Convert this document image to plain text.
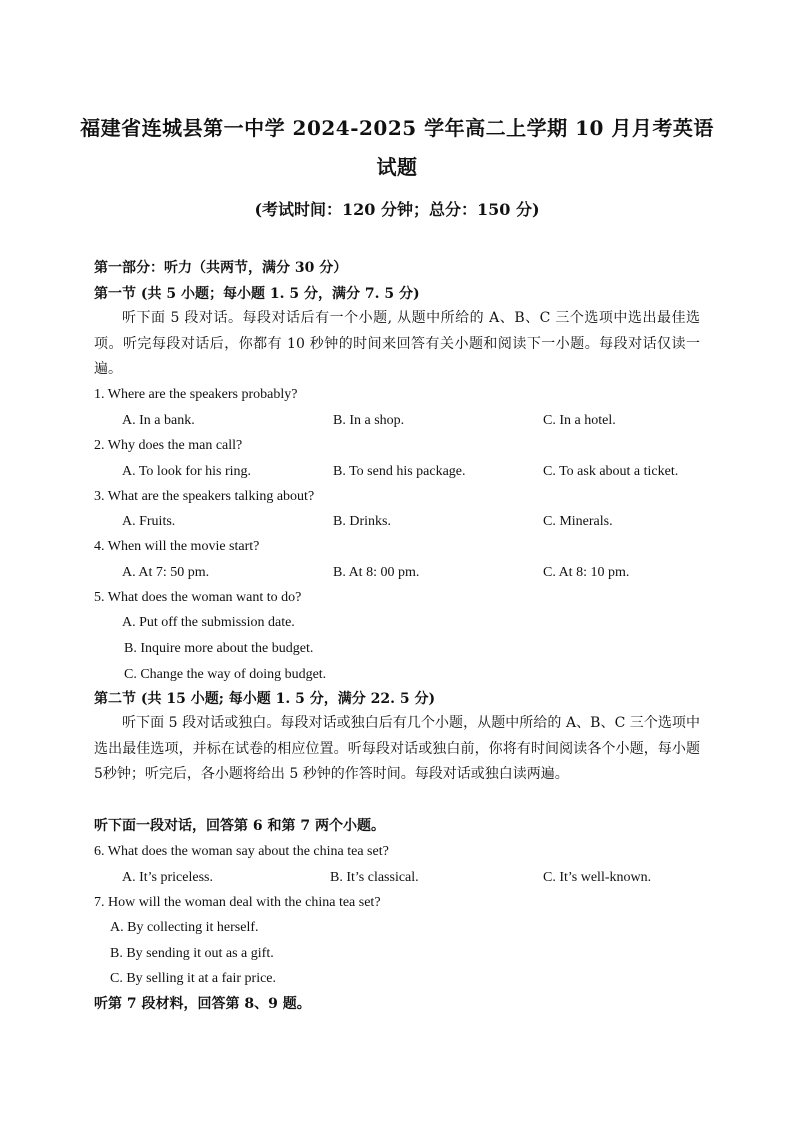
福建省连城县第一中学 2024-2025 学年高二上学期 10 月月考英语
试题
(考试时间：120 分钟；总分：150 分)
第一部分：听力（共两节，满分 30 分）
第一节 (共 5 小题；每小题 1. 5 分，满分 7. 5 分)
听下面 5 段对话。每段对话后有一个小题, 从题中所给的 A、B、C 三个选项中选出最佳选项。听完每段对话后，你都有 10 秒钟的时间来回答有关小题和阅读下一小题。每段对话仅读一遍。
1. Where are the speakers probably?
A. In a bank.	B. In a shop.	C. In a hotel.
2. Why does the man call?
A. To look for his ring.	B. To send his package.	C. To ask about a ticket.
3. What are the speakers talking about?
A. Fruits.	B. Drinks.	C. Minerals.
4. When will the movie start?
A. At 7: 50 pm.	B. At 8: 00 pm.	C. At 8: 10 pm.
5. What does the woman want to do?
A. Put off the submission date.
B. Inquire more about the budget.
C. Change the way of doing budget.
第二节 (共 15 小题; 每小题 1. 5 分，满分 22. 5 分)
听下面 5 段对话或独白。每段对话或独白后有几个小题，从题中所给的 A、B、C 三个选项中选出最佳选项，并标在试卷的相应位置。听每段对话或独白前，你将有时间阅读各个小题，每小题 5秒钟；听完后，各小题将给出 5 秒钟的作答时间。每段对话或独白读两遍。
听下面一段对话，回答第 6 和第 7 两个小题。
6. What does the woman say about the china tea set?
A. It’s priceless.	B. It’s classical.	C. It’s well-known.
7. How will the woman deal with the china tea set?
A. By collecting it herself.
B. By sending it out as a gift.
C. By selling it at a fair price.
听第 7 段材料，回答第 8、9 题。
